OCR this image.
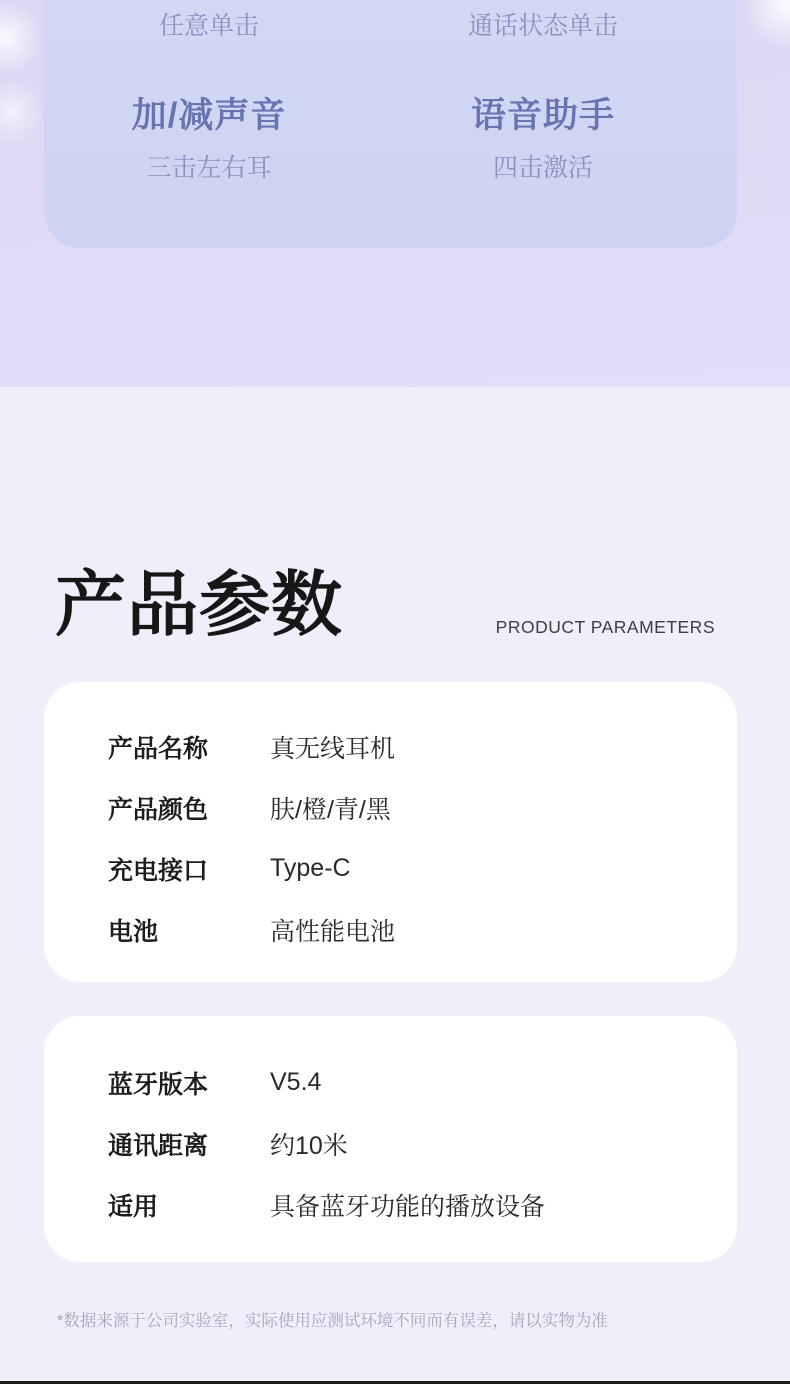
任意单击	通话状态单击
加/减声音	语音助手
三击左右耳	四击激活
产品参数	PRODUCT PARAMETERS
产品名称	真无线耳机
产品颜色	肤/橙/青/黑
充电接口	Type-C
电池	高性能电池
蓝牙版本	V5.4
通讯距离	约10米
适用	具备蓝牙功能的播放设备
*数据来源于公司实验室，实际使用应测试环境不同而有误差，请以实物为准
